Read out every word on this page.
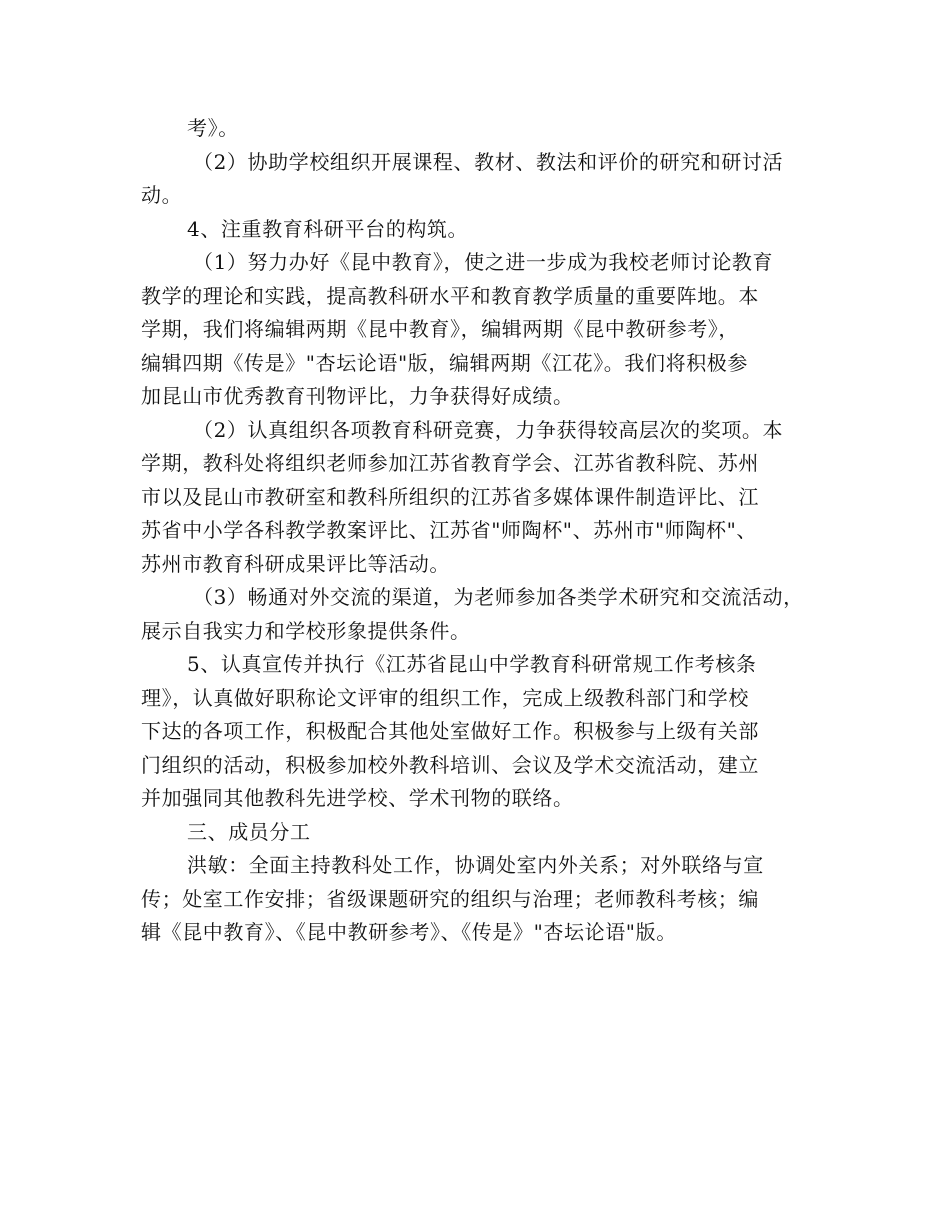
考》。
（2）协助学校组织开展课程、教材、教法和评价的研究和研讨活
动。
4、注重教育科研平台的构筑。
（1）努力办好《昆中教育》，使之进一步成为我校老师讨论教育
教学的理论和实践，提高教科研水平和教育教学质量的重要阵地。本
学期，我们将编辑两期《昆中教育》，编辑两期《昆中教研参考》，
编辑四期《传是》"杏坛论语"版，编辑两期《江花》。我们将积极参
加昆山市优秀教育刊物评比，力争获得好成绩。
（2）认真组织各项教育科研竞赛，力争获得较高层次的奖项。本
学期，教科处将组织老师参加江苏省教育学会、江苏省教科院、苏州
市以及昆山市教研室和教科所组织的江苏省多媒体课件制造评比、江
苏省中小学各科教学教案评比、江苏省"师陶杯"、苏州市"师陶杯"、
苏州市教育科研成果评比等活动。
（3）畅通对外交流的渠道，为老师参加各类学术研究和交流活动，
展示自我实力和学校形象提供条件。
5、认真宣传并执行《江苏省昆山中学教育科研常规工作考核条
理》，认真做好职称论文评审的组织工作，完成上级教科部门和学校
下达的各项工作，积极配合其他处室做好工作。积极参与上级有关部
门组织的活动，积极参加校外教科培训、会议及学术交流活动，建立
并加强同其他教科先进学校、学术刊物的联络。
三、成员分工
洪敏：全面主持教科处工作，协调处室内外关系；对外联络与宣
传；处室工作安排；省级课题研究的组织与治理；老师教科考核；编
辑《昆中教育》、《昆中教研参考》、《传是》"杏坛论语"版。
